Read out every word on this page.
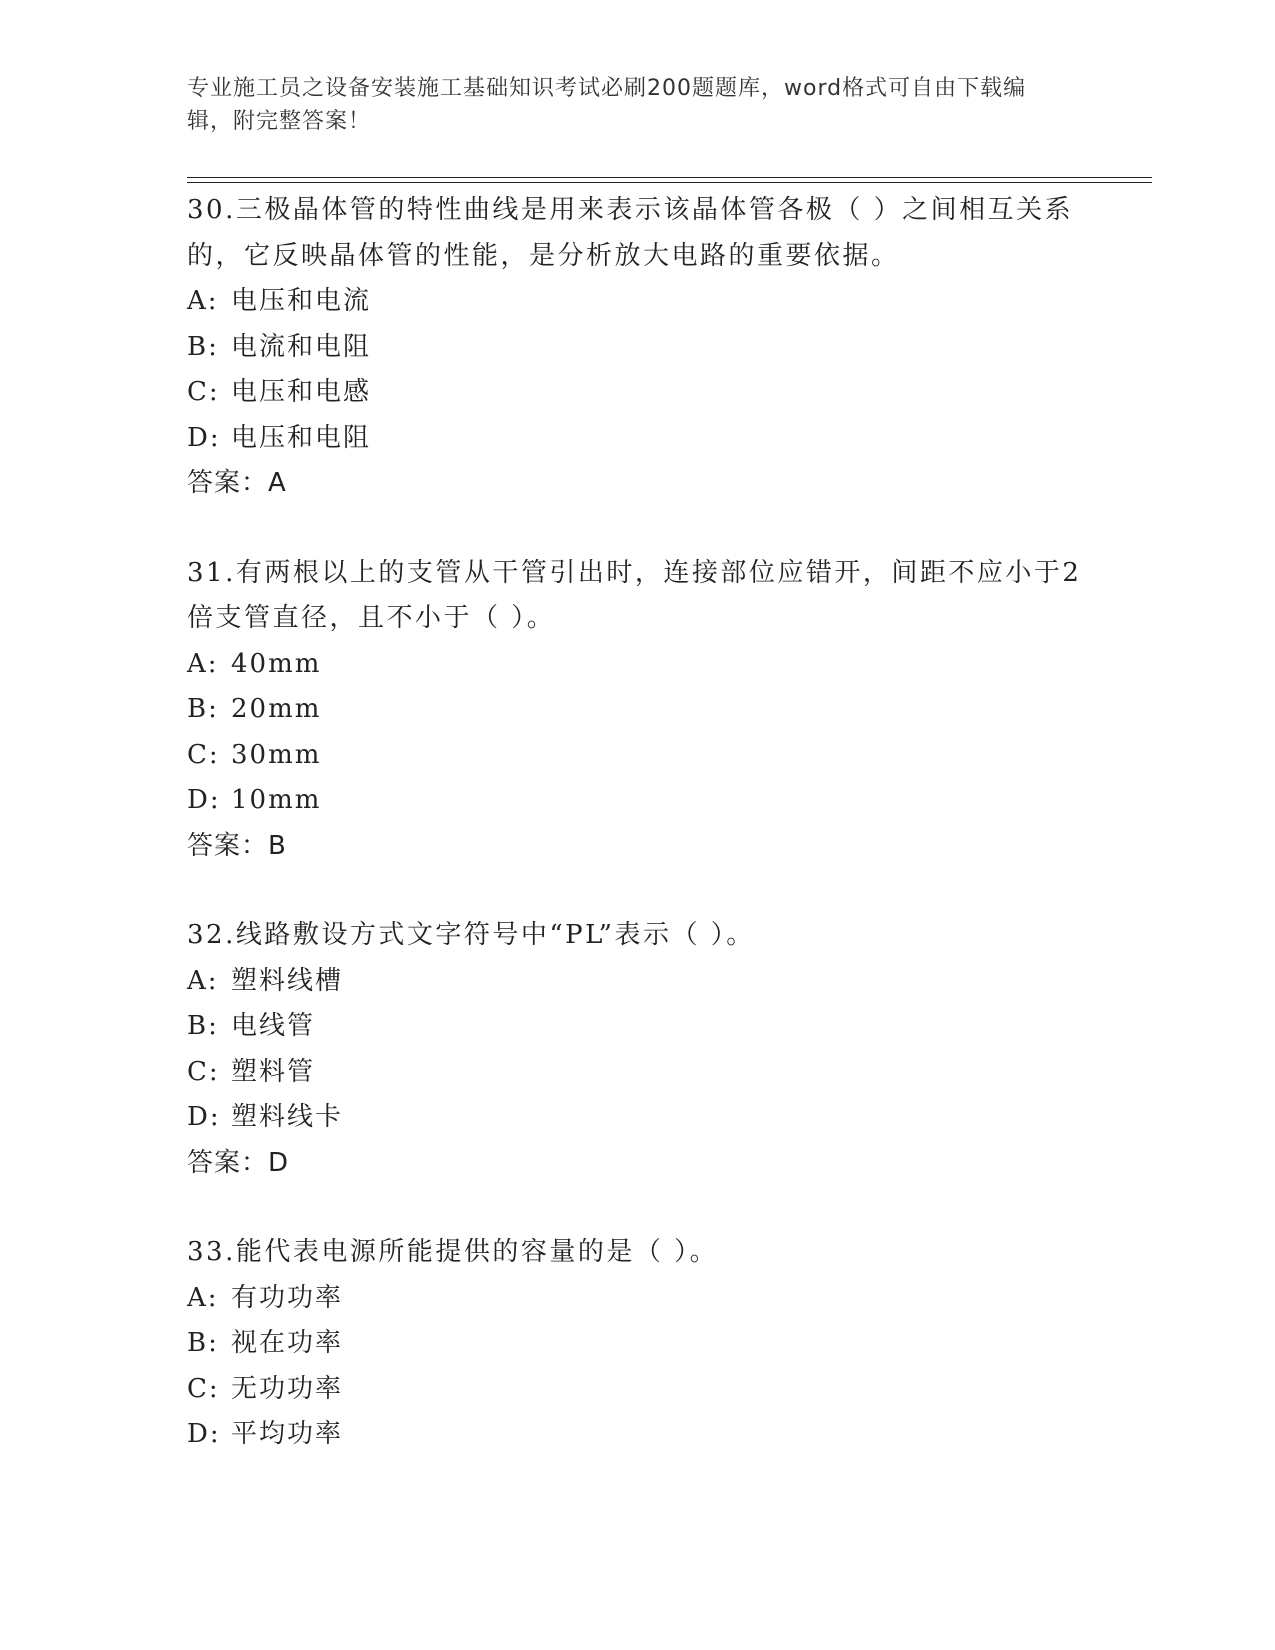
专业施工员之设备安装施工基础知识考试必刷200题题库，word格式可自由下载编辑，附完整答案！

30.三极晶体管的特性曲线是用来表示该晶体管各极（ ）之间相互关系的，它反映晶体管的性能，是分析放大电路的重要依据。

A: 电压和电流

B: 电流和电阻

C: 电压和电感

D: 电压和电阻

答案：A

31.有两根以上的支管从干管引出时，连接部位应错开，间距不应小于2倍支管直径，且不小于（ ）。

A: 40mm

B: 20mm

C: 30mm

D: 10mm

答案：B

32.线路敷设方式文字符号中“PL”表示（ ）。

A: 塑料线槽

B: 电线管

C: 塑料管

D: 塑料线卡

答案：D

33.能代表电源所能提供的容量的是（ ）。

A: 有功功率

B: 视在功率

C: 无功功率

D: 平均功率
